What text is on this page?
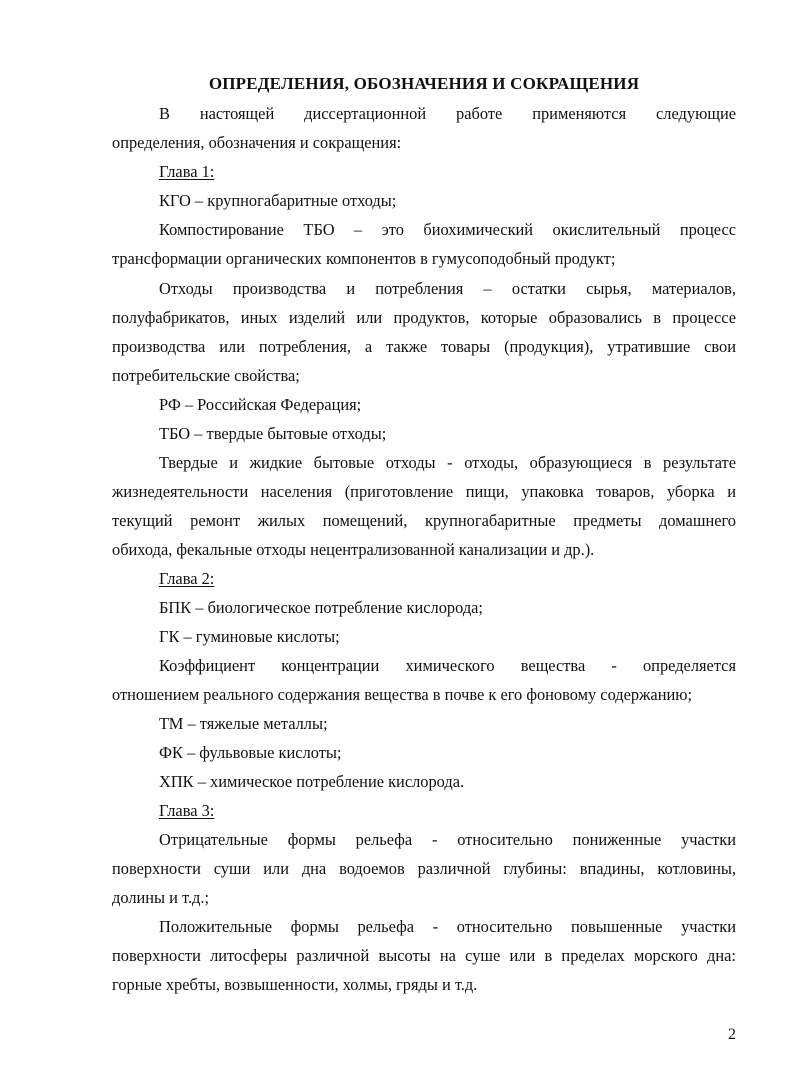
ОПРЕДЕЛЕНИЯ, ОБОЗНАЧЕНИЯ И СОКРАЩЕНИЯ
В настоящей диссертационной работе применяются следующие
определения, обозначения и сокращения:
Глава 1:
КГО – крупногабаритные отходы;
Компостирование ТБО – это биохимический окислительный процесс
трансформации органических компонентов в гумусоподобный продукт;
Отходы производства и потребления – остатки сырья, материалов,
полуфабрикатов, иных изделий или продуктов, которые образовались в процессе
производства или потребления, а также товары (продукция), утратившие свои
потребительские свойства;
РФ – Российская Федерация;
ТБО – твердые бытовые отходы;
Твердые и жидкие бытовые отходы - отходы, образующиеся в результате
жизнедеятельности населения (приготовление пищи, упаковка товаров, уборка и
текущий ремонт жилых помещений, крупногабаритные предметы домашнего
обихода, фекальные отходы нецентрализованной канализации и др.).
Глава 2:
БПК – биологическое потребление кислорода;
ГК – гуминовые кислоты;
Коэффициент концентрации химического вещества - определяется
отношением реального содержания вещества в почве к его фоновому содержанию;
ТМ – тяжелые металлы;
ФК – фульвовые кислоты;
ХПК – химическое потребление кислорода.
Глава 3:
Отрицательные формы рельефа - относительно пониженные участки
поверхности суши или дна водоемов различной глубины: впадины, котловины,
долины и т.д.;
Положительные формы рельефа - относительно повышенные участки
поверхности литосферы различной высоты на суше или в пределах морского дна:
горные хребты, возвышенности, холмы, гряды и т.д.
2
